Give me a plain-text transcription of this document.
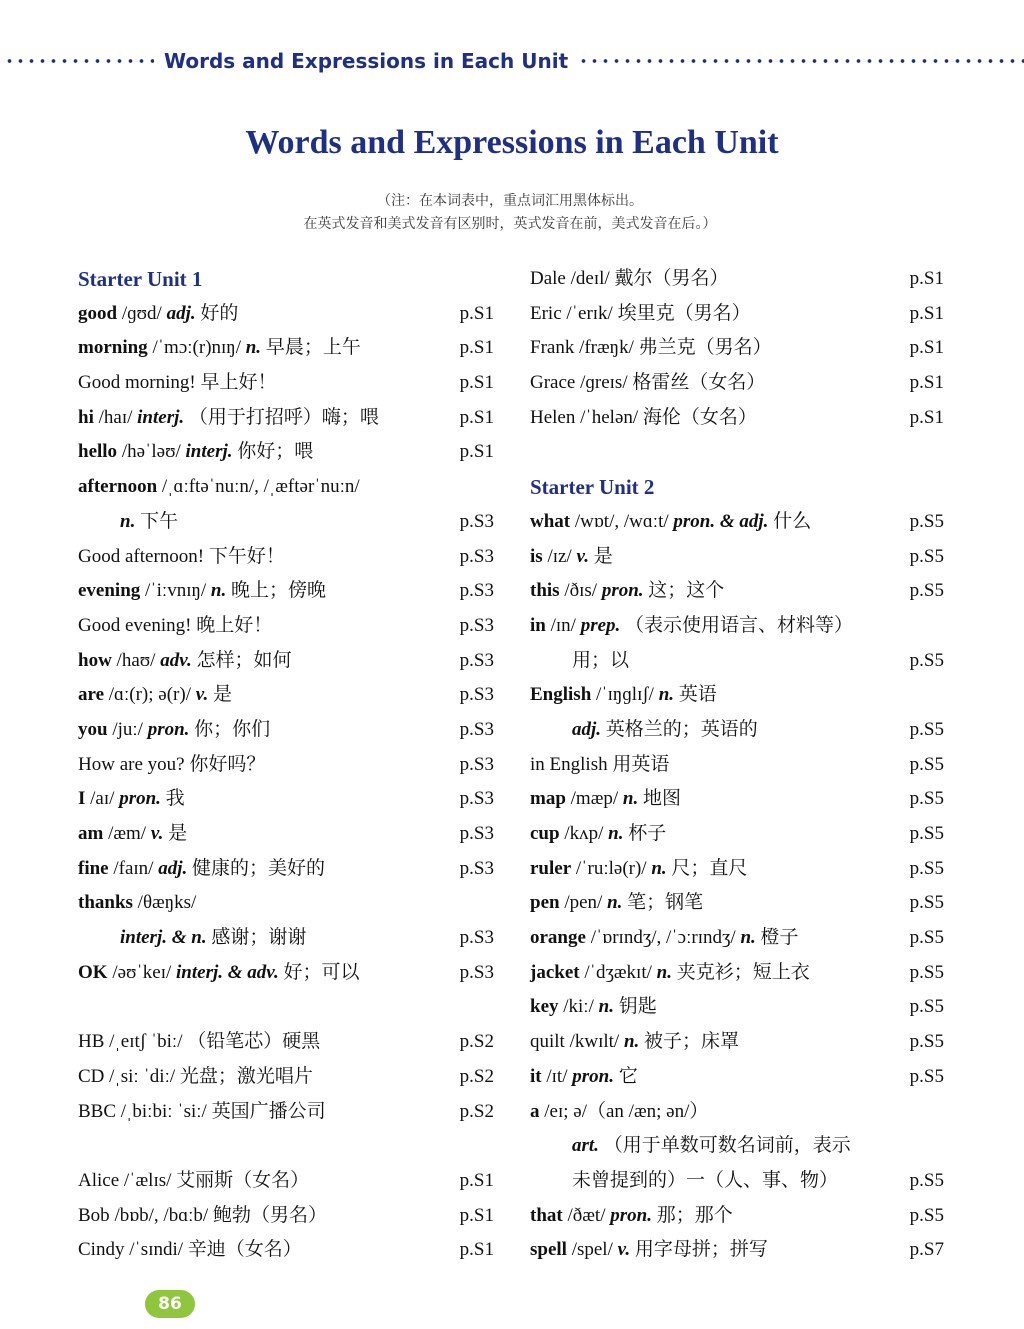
Words and Expressions in Each Unit
Words and Expressions in Each Unit
（注：在本词表中，重点词汇用黑体标出。
在英式发音和美式发音有区别时，英式发音在前，美式发音在后。）
Starter Unit 1
good /ɡʊd/ adj. 好的	p.S1
morning /ˈmɔː(r)nɪŋ/ n. 早晨；上午	p.S1
Good morning! 早上好！	p.S1
hi /haɪ/ interj. （用于打招呼）嗨；喂	p.S1
hello /həˈləʊ/ interj. 你好；喂	p.S1
afternoon /ˌɑːftəˈnuːn/, /ˌæftərˈnuːn/
n. 下午	p.S3
Good afternoon! 下午好！	p.S3
evening /ˈiːvnɪŋ/ n. 晚上；傍晚	p.S3
Good evening! 晚上好！	p.S3
how /haʊ/ adv. 怎样；如何	p.S3
are /ɑː(r); ə(r)/ v. 是	p.S3
you /juː/ pron. 你；你们	p.S3
How are you? 你好吗？	p.S3
I /aɪ/ pron. 我	p.S3
am /æm/ v. 是	p.S3
fine /faɪn/ adj. 健康的；美好的	p.S3
thanks /θæŋks/
interj. & n. 感谢；谢谢	p.S3
OK /əʊˈkeɪ/ interj. & adv. 好；可以	p.S3
HB /ˌeɪtʃ ˈbiː/ （铅笔芯）硬黑	p.S2
CD /ˌsiː ˈdiː/ 光盘；激光唱片	p.S2
BBC /ˌbiːbiː ˈsiː/ 英国广播公司	p.S2
Alice /ˈælɪs/ 艾丽斯（女名）	p.S1
Bob /bɒb/, /bɑːb/ 鲍勃（男名）	p.S1
Cindy /ˈsɪndi/ 辛迪（女名）	p.S1
Dale /deɪl/ 戴尔（男名）	p.S1
Eric /ˈerɪk/ 埃里克（男名）	p.S1
Frank /fræŋk/ 弗兰克（男名）	p.S1
Grace /ɡreɪs/ 格雷丝（女名）	p.S1
Helen /ˈhelən/ 海伦（女名）	p.S1
Starter Unit 2
what /wɒt/, /wɑːt/ pron. & adj. 什么	p.S5
is /ɪz/ v. 是	p.S5
this /ðɪs/ pron. 这；这个	p.S5
in /ɪn/ prep. （表示使用语言、材料等）
用；以	p.S5
English /ˈɪŋɡlɪʃ/ n. 英语
adj. 英格兰的；英语的	p.S5
in English 用英语	p.S5
map /mæp/ n. 地图	p.S5
cup /kʌp/ n. 杯子	p.S5
ruler /ˈruːlə(r)/ n. 尺；直尺	p.S5
pen /pen/ n. 笔；钢笔	p.S5
orange /ˈɒrɪndʒ/, /ˈɔːrɪndʒ/ n. 橙子	p.S5
jacket /ˈdʒækɪt/ n. 夹克衫；短上衣	p.S5
key /kiː/ n. 钥匙	p.S5
quilt /kwɪlt/ n. 被子；床罩	p.S5
it /ɪt/ pron. 它	p.S5
a /eɪ; ə/（an /æn; ən/）
art. （用于单数可数名词前，表示
未曾提到的）一（人、事、物）	p.S5
that /ðæt/ pron. 那；那个	p.S5
spell /spel/ v. 用字母拼；拼写	p.S7
86
